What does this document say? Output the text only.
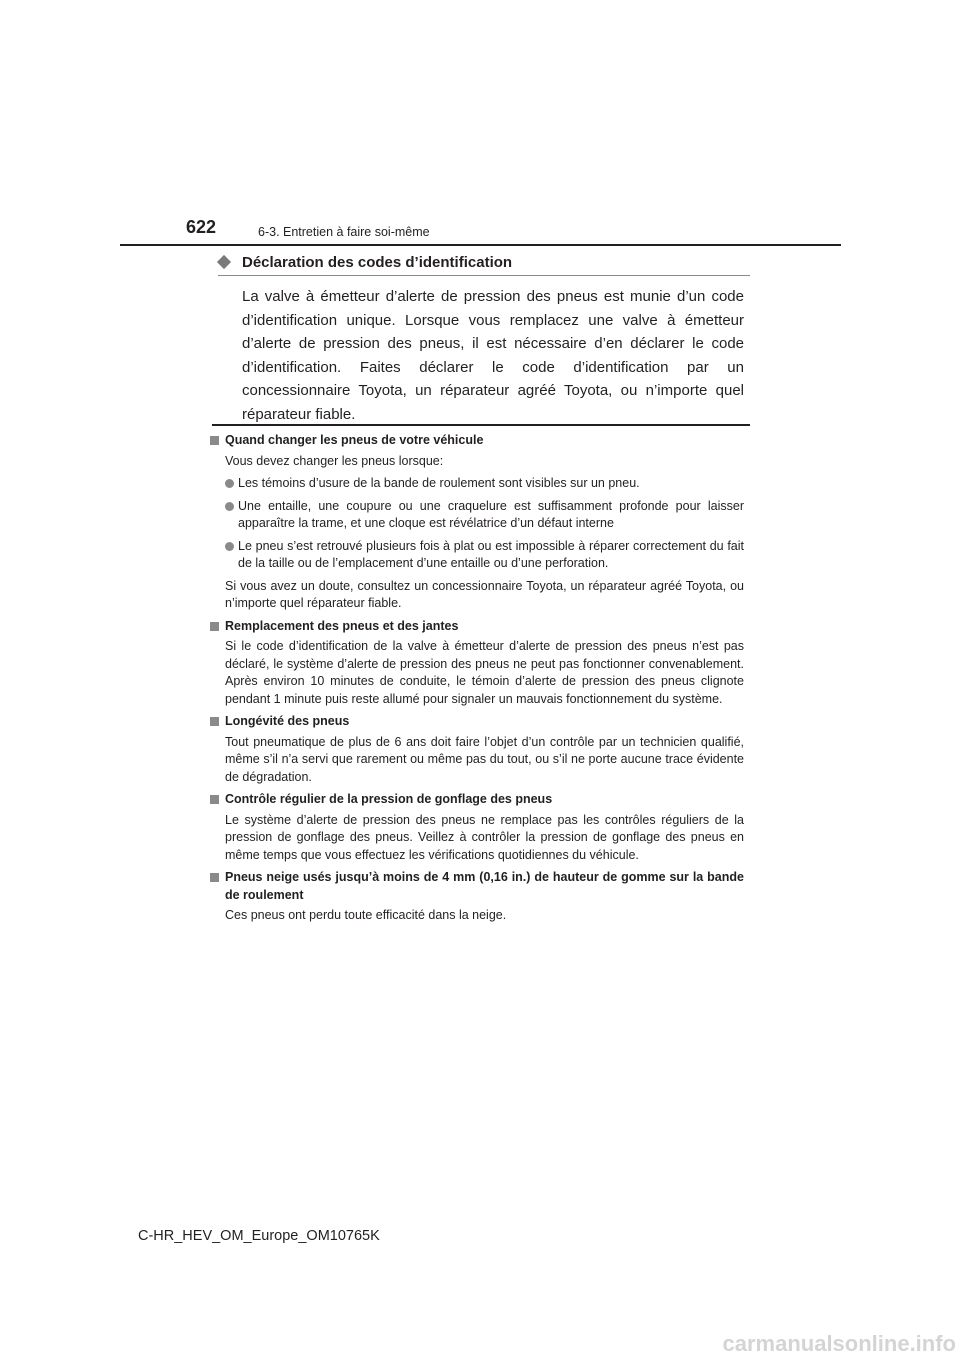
622	6-3. Entretien à faire soi-même
Déclaration des codes d’identification

La valve à émetteur d’alerte de pression des pneus est munie d’un code d’identification unique. Lorsque vous remplacez une valve à émetteur d’alerte de pression des pneus, il est nécessaire d’en déclarer le code d’identification. Faites déclarer le code d’identification par un concessionnaire Toyota, un réparateur agréé Toyota, ou n’importe quel réparateur fiable.

Quand changer les pneus de votre véhicule

Vous devez changer les pneus lorsque:

Les témoins d’usure de la bande de roulement sont visibles sur un pneu.
Une entaille, une coupure ou une craquelure est suffisamment profonde pour laisser apparaître la trame, et une cloque est révélatrice d’un défaut interne
Le pneu s’est retrouvé plusieurs fois à plat ou est impossible à réparer correctement du fait de la taille ou de l’emplacement d’une entaille ou d’une perforation.

Si vous avez un doute, consultez un concessionnaire Toyota, un réparateur agréé Toyota, ou n’importe quel réparateur fiable.

Remplacement des pneus et des jantes

Si le code d’identification de la valve à émetteur d’alerte de pression des pneus n’est pas déclaré, le système d’alerte de pression des pneus ne peut pas fonctionner convenablement. Après environ 10 minutes de conduite, le témoin d’alerte de pression des pneus clignote pendant 1 minute puis reste allumé pour signaler un mauvais fonctionnement du système.

Longévité des pneus

Tout pneumatique de plus de 6 ans doit faire l’objet d’un contrôle par un technicien qualifié, même s’il n’a servi que rarement ou même pas du tout, ou s’il ne porte aucune trace évidente de dégradation.

Contrôle régulier de la pression de gonflage des pneus

Le système d’alerte de pression des pneus ne remplace pas les contrôles réguliers de la pression de gonflage des pneus. Veillez à contrôler la pression de gonflage des pneus en même temps que vous effectuez les vérifications quotidiennes du véhicule.

Pneus neige usés jusqu’à moins de 4 mm (0,16 in.) de hauteur de gomme sur la bande de roulement

Ces pneus ont perdu toute efficacité dans la neige.

C-HR_HEV_OM_Europe_OM10765K
carmanualsonline.info
